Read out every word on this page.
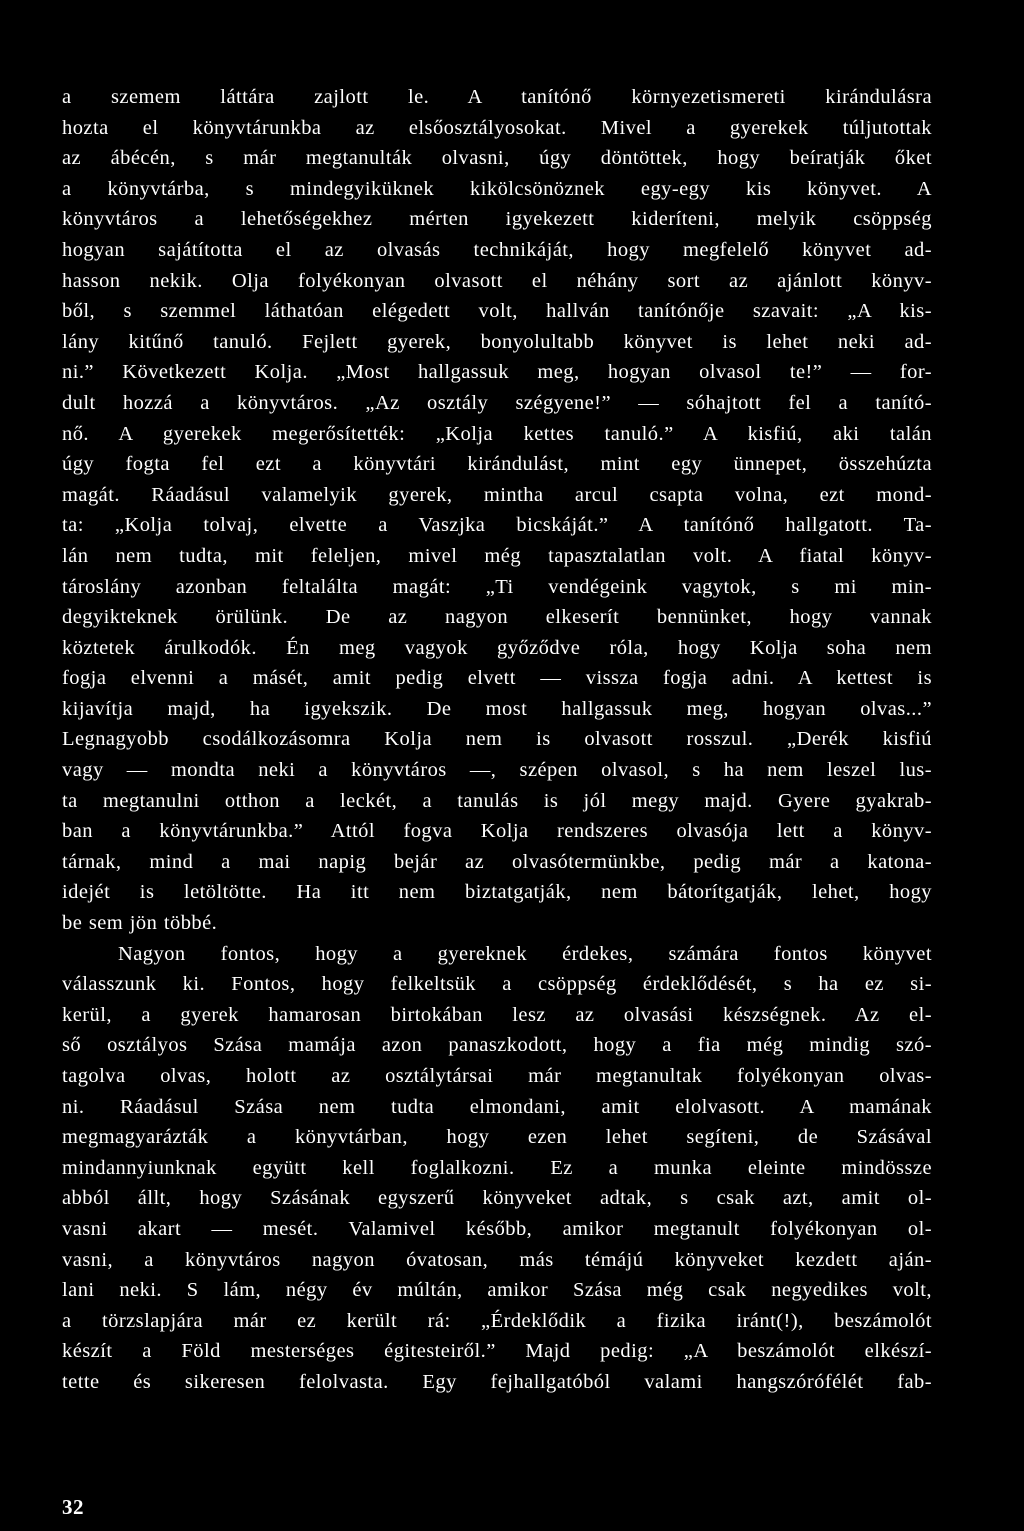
a szemem láttára zajlott le. A tanítónő környezetismereti kirándulásra
hozta el könyvtárunkba az elsőosztályosokat. Mivel a gyerekek túljutottak
az ábécén, s már megtanulták olvasni, úgy döntöttek, hogy beíratják őket
a könyvtárba, s mindegyiküknek kikölcsönöznek egy-egy kis könyvet. A
könyvtáros a lehetőségekhez mérten igyekezett kideríteni, melyik csöppség
hogyan sajátította el az olvasás technikáját, hogy megfelelő könyvet ad-
hasson nekik. Olja folyékonyan olvasott el néhány sort az ajánlott könyv-
ből, s szemmel láthatóan elégedett volt, hallván tanítónője szavait: „A kis-
lány kitűnő tanuló. Fejlett gyerek, bonyolultabb könyvet is lehet neki ad-
ni.” Következett Kolja. „Most hallgassuk meg, hogyan olvasol te!” — for-
dult hozzá a könyvtáros. „Az osztály szégyene!” — sóhajtott fel a tanító-
nő. A gyerekek megerősítették: „Kolja kettes tanuló.” A kisfiú, aki talán
úgy fogta fel ezt a könyvtári kirándulást, mint egy ünnepet, összehúzta
magát. Ráadásul valamelyik gyerek, mintha arcul csapta volna, ezt mond-
ta: „Kolja tolvaj, elvette a Vaszjka bicskáját.” A tanítónő hallgatott. Ta-
lán nem tudta, mit feleljen, mivel még tapasztalatlan volt. A fiatal könyv-
tároslány azonban feltalálta magát: „Ti vendégeink vagytok, s mi min-
degyikteknek örülünk. De az nagyon elkeserít bennünket, hogy vannak
köztetek árulkodók. Én meg vagyok győződve róla, hogy Kolja soha nem
fogja elvenni a másét, amit pedig elvett — vissza fogja adni. A kettest is
kijavítja majd, ha igyekszik. De most hallgassuk meg, hogyan olvas...”
Legnagyobb csodálkozásomra Kolja nem is olvasott rosszul. „Derék kisfiú
vagy — mondta neki a könyvtáros —, szépen olvasol, s ha nem leszel lus-
ta megtanulni otthon a leckét, a tanulás is jól megy majd. Gyere gyakrab-
ban a könyvtárunkba.” Attól fogva Kolja rendszeres olvasója lett a könyv-
tárnak, mind a mai napig bejár az olvasótermünkbe, pedig már a katona-
idejét is letöltötte. Ha itt nem biztatgatják, nem bátorítgatják, lehet, hogy
be sem jön többé.
Nagyon fontos, hogy a gyereknek érdekes, számára fontos könyvet
válasszunk ki. Fontos, hogy felkeltsük a csöppség érdeklődését, s ha ez si-
kerül, a gyerek hamarosan birtokában lesz az olvasási készségnek. Az el-
ső osztályos Szása mamája azon panaszkodott, hogy a fia még mindig szó-
tagolva olvas, holott az osztálytársai már megtanultak folyékonyan olvas-
ni. Ráadásul Szása nem tudta elmondani, amit elolvasott. A mamának
megmagyarázták a könyvtárban, hogy ezen lehet segíteni, de Szásával
mindannyiunknak együtt kell foglalkozni. Ez a munka eleinte mindössze
abból állt, hogy Szásának egyszerű könyveket adtak, s csak azt, amit ol-
vasni akart — mesét. Valamivel később, amikor megtanult folyékonyan ol-
vasni, a könyvtáros nagyon óvatosan, más témájú könyveket kezdett aján-
lani neki. S lám, négy év múltán, amikor Szása még csak negyedikes volt,
a törzslapjára már ez került rá: „Érdeklődik a fizika iránt(!), beszámolót
készít a Föld mesterséges égitesteiről.” Majd pedig: „A beszámolót elkészí-
tette és sikeresen felolvasta. Egy fejhallgatóból valami hangszórófélét fab-
32
